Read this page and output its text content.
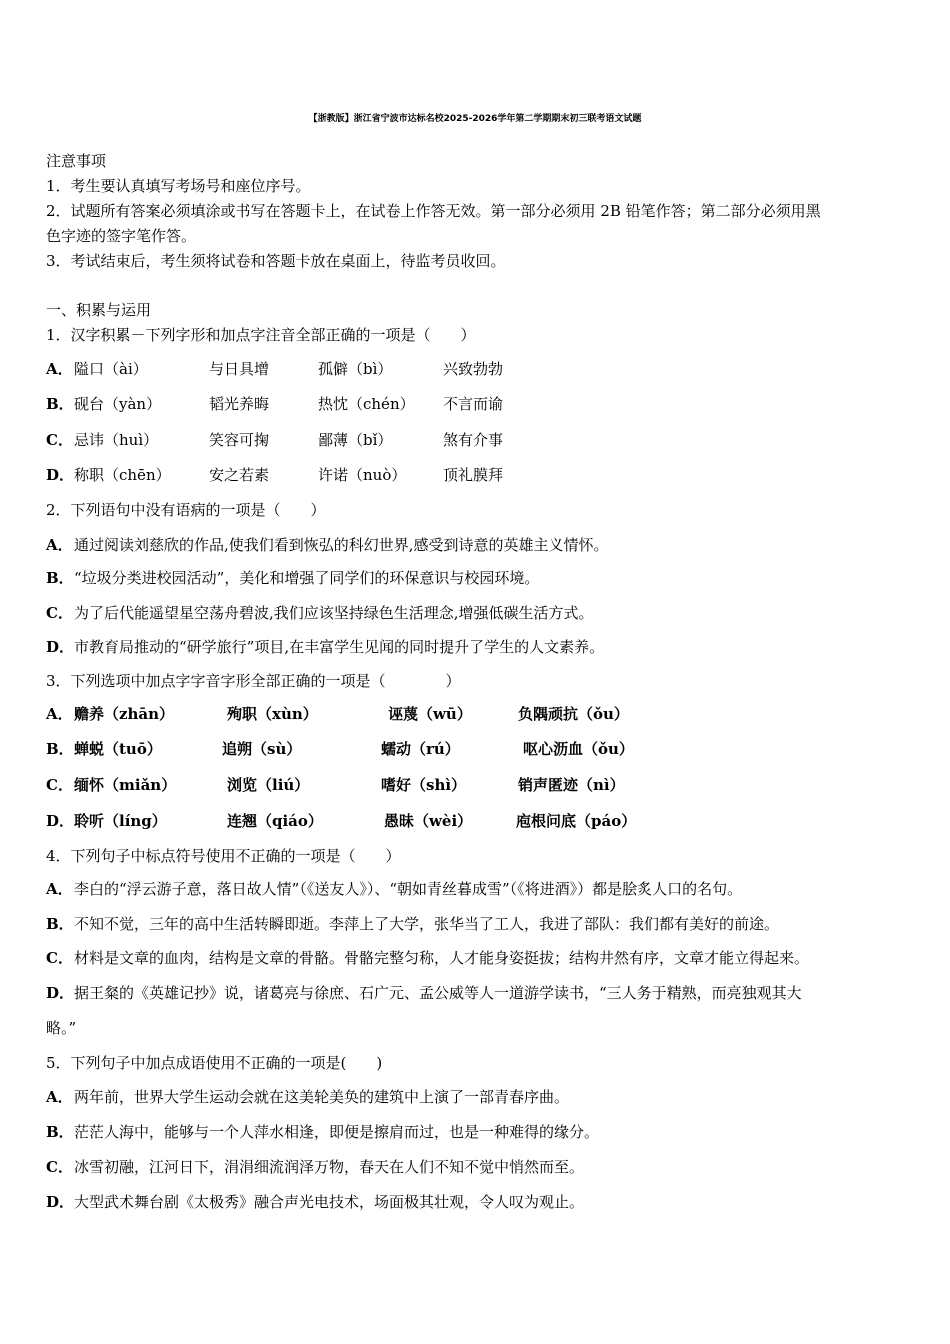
【浙教版】浙江省宁波市达标名校2025-2026学年第二学期期末初三联考语文试题
注意事项
1．考生要认真填写考场号和座位序号。
2．试题所有答案必须填涂或书写在答题卡上，在试卷上作答无效。第一部分必须用 2B 铅笔作答；第二部分必须用黑
色字迹的签字笔作答。
3．考试结束后，考生须将试卷和答题卡放在桌面上，待监考员收回。
一、积累与运用
1．汉字积累－下列字形和加点字注音全部正确的一项是（　　）
A． 隘口（ài）	与日具增	孤僻（bì）	兴致勃勃
B． 砚台（yàn）	韬光养晦	热忱（chén） 不言而谕
C． 忌讳（huì）	笑容可掬	鄙薄（bǐ）	煞有介事
D． 称职（chēn）	安之若素	许诺（nuò） 顶礼膜拜
2．下列语句中没有语病的一项是（　　）
A．通过阅读刘慈欣的作品,使我们看到恢弘的科幻世界,感受到诗意的英雄主义情怀。
B．“垃圾分类进校园活动”，美化和增强了同学们的环保意识与校园环境。
C．为了后代能遥望星空荡舟碧波,我们应该坚持绿色生活理念,增强低碳生活方式。
D．市教育局推动的“研学旅行”项目,在丰富学生见闻的同时提升了学生的人文素养。
3．下列选项中加点字字音字形全部正确的一项是（　　　　）
A． 赡养（zhān）	殉职（xùn）	诬蔑（wū）	负隅顽抗（ǒu）
B． 蝉蜕（tuō）	追朔（sù）	蠕动（rú）	呕心沥血（ǒu）
C． 缅怀（miǎn）	浏览（liú）	嗜好（shì）	销声匿迹（nì）
D． 聆听（líng）	连翘（qiáo）	愚昧（wèi）	庖根问底（páo）
4．下列句子中标点符号使用不正确的一项是（　　）
A．李白的“浮云游子意，落日故人情”（《送友人》）、“朝如青丝暮成雪”（《将进酒》）都是脍炙人口的名句。
B．不知不觉，三年的高中生活转瞬即逝。李萍上了大学，张华当了工人，我进了部队：我们都有美好的前途。
C．材料是文章的血肉，结构是文章的骨骼。骨骼完整匀称，人才能身姿挺拔；结构井然有序，文章才能立得起来。
D．据王粲的《英雄记抄》说，诸葛亮与徐庶、石广元、孟公威等人一道游学读书，“三人务于精熟，而亮独观其大
略。”
5．下列句子中加点成语使用不正确的一项是(　　)
A．两年前，世界大学生运动会就在这美轮美奂的建筑中上演了一部青春序曲。
B．茫茫人海中，能够与一个人萍水相逢，即便是擦肩而过，也是一种难得的缘分。
C．冰雪初融，江河日下，涓涓细流润泽万物，春天在人们不知不觉中悄然而至。
D．大型武术舞台剧《太极秀》融合声光电技术，场面极其壮观，令人叹为观止。
